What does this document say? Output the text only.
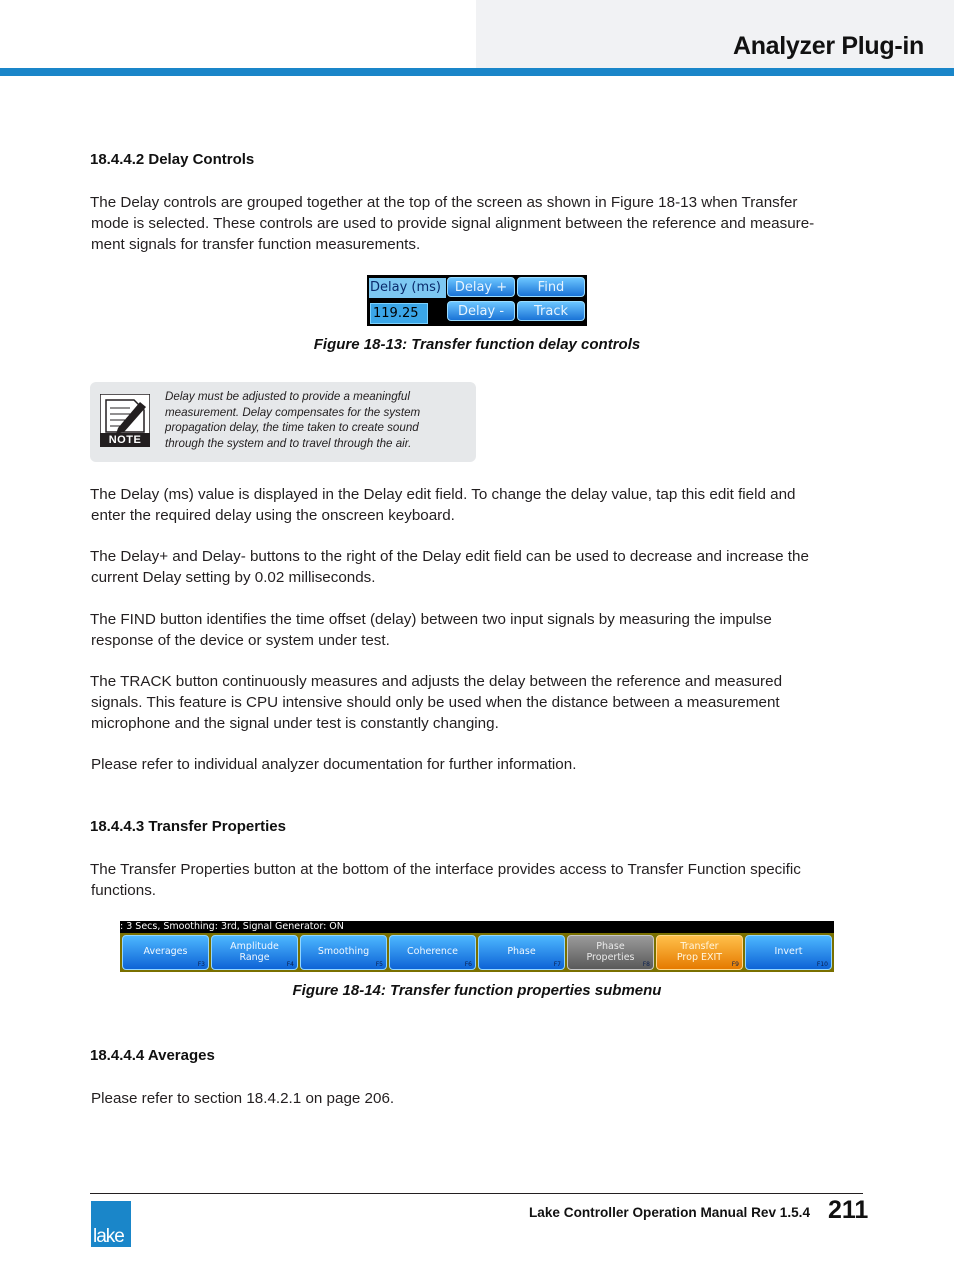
Analyzer Plug-in
18.4.4.2 Delay Controls
The Delay controls are grouped together at the top of the screen as shown in Figure 18-13 when Transfer
mode is selected. These controls are used to provide signal alignment between the reference and measure-
ment signals for transfer function measurements.
Delay (ms)
119.25
Delay +	Find
Delay -	Track
Figure 18-13: Transfer function delay controls
NOTE
Delay must be adjusted to provide a meaningful
measurement. Delay compensates for the system
propagation delay, the time taken to create sound
through the system and to travel through the air.
The Delay (ms) value is displayed in the Delay edit field. To change the delay value, tap this edit field and
enter the required delay using the onscreen keyboard.
The Delay+ and Delay- buttons to the right of the Delay edit field can be used to decrease and increase the
current Delay setting by 0.02 milliseconds.
The FIND button identifies the time offset (delay) between two input signals by measuring the impulse
response of the device or system under test.
The TRACK button continuously measures and adjusts the delay between the reference and measured
signals. This feature is CPU intensive should only be used when the distance between a measurement
microphone and the signal under test is constantly changing.
Please refer to individual analyzer documentation for further information.
18.4.4.3 Transfer Properties
The Transfer Properties button at the bottom of the interface provides access to Transfer Function specific
functions.
: 3 Secs, Smoothing: 3rd, Signal Generator: ON
Averages
F3
Amplitude
Range
F4
Smoothing
F5
Coherence
F6
Phase
F7
Phase
Properties
F8
Transfer
Prop EXIT
F9
Invert
F10
Figure 18-14: Transfer function properties submenu
18.4.4.4 Averages
Please refer to section 18.4.2.1 on page 206.
lake
Lake Controller Operation Manual Rev 1.5.4 211
